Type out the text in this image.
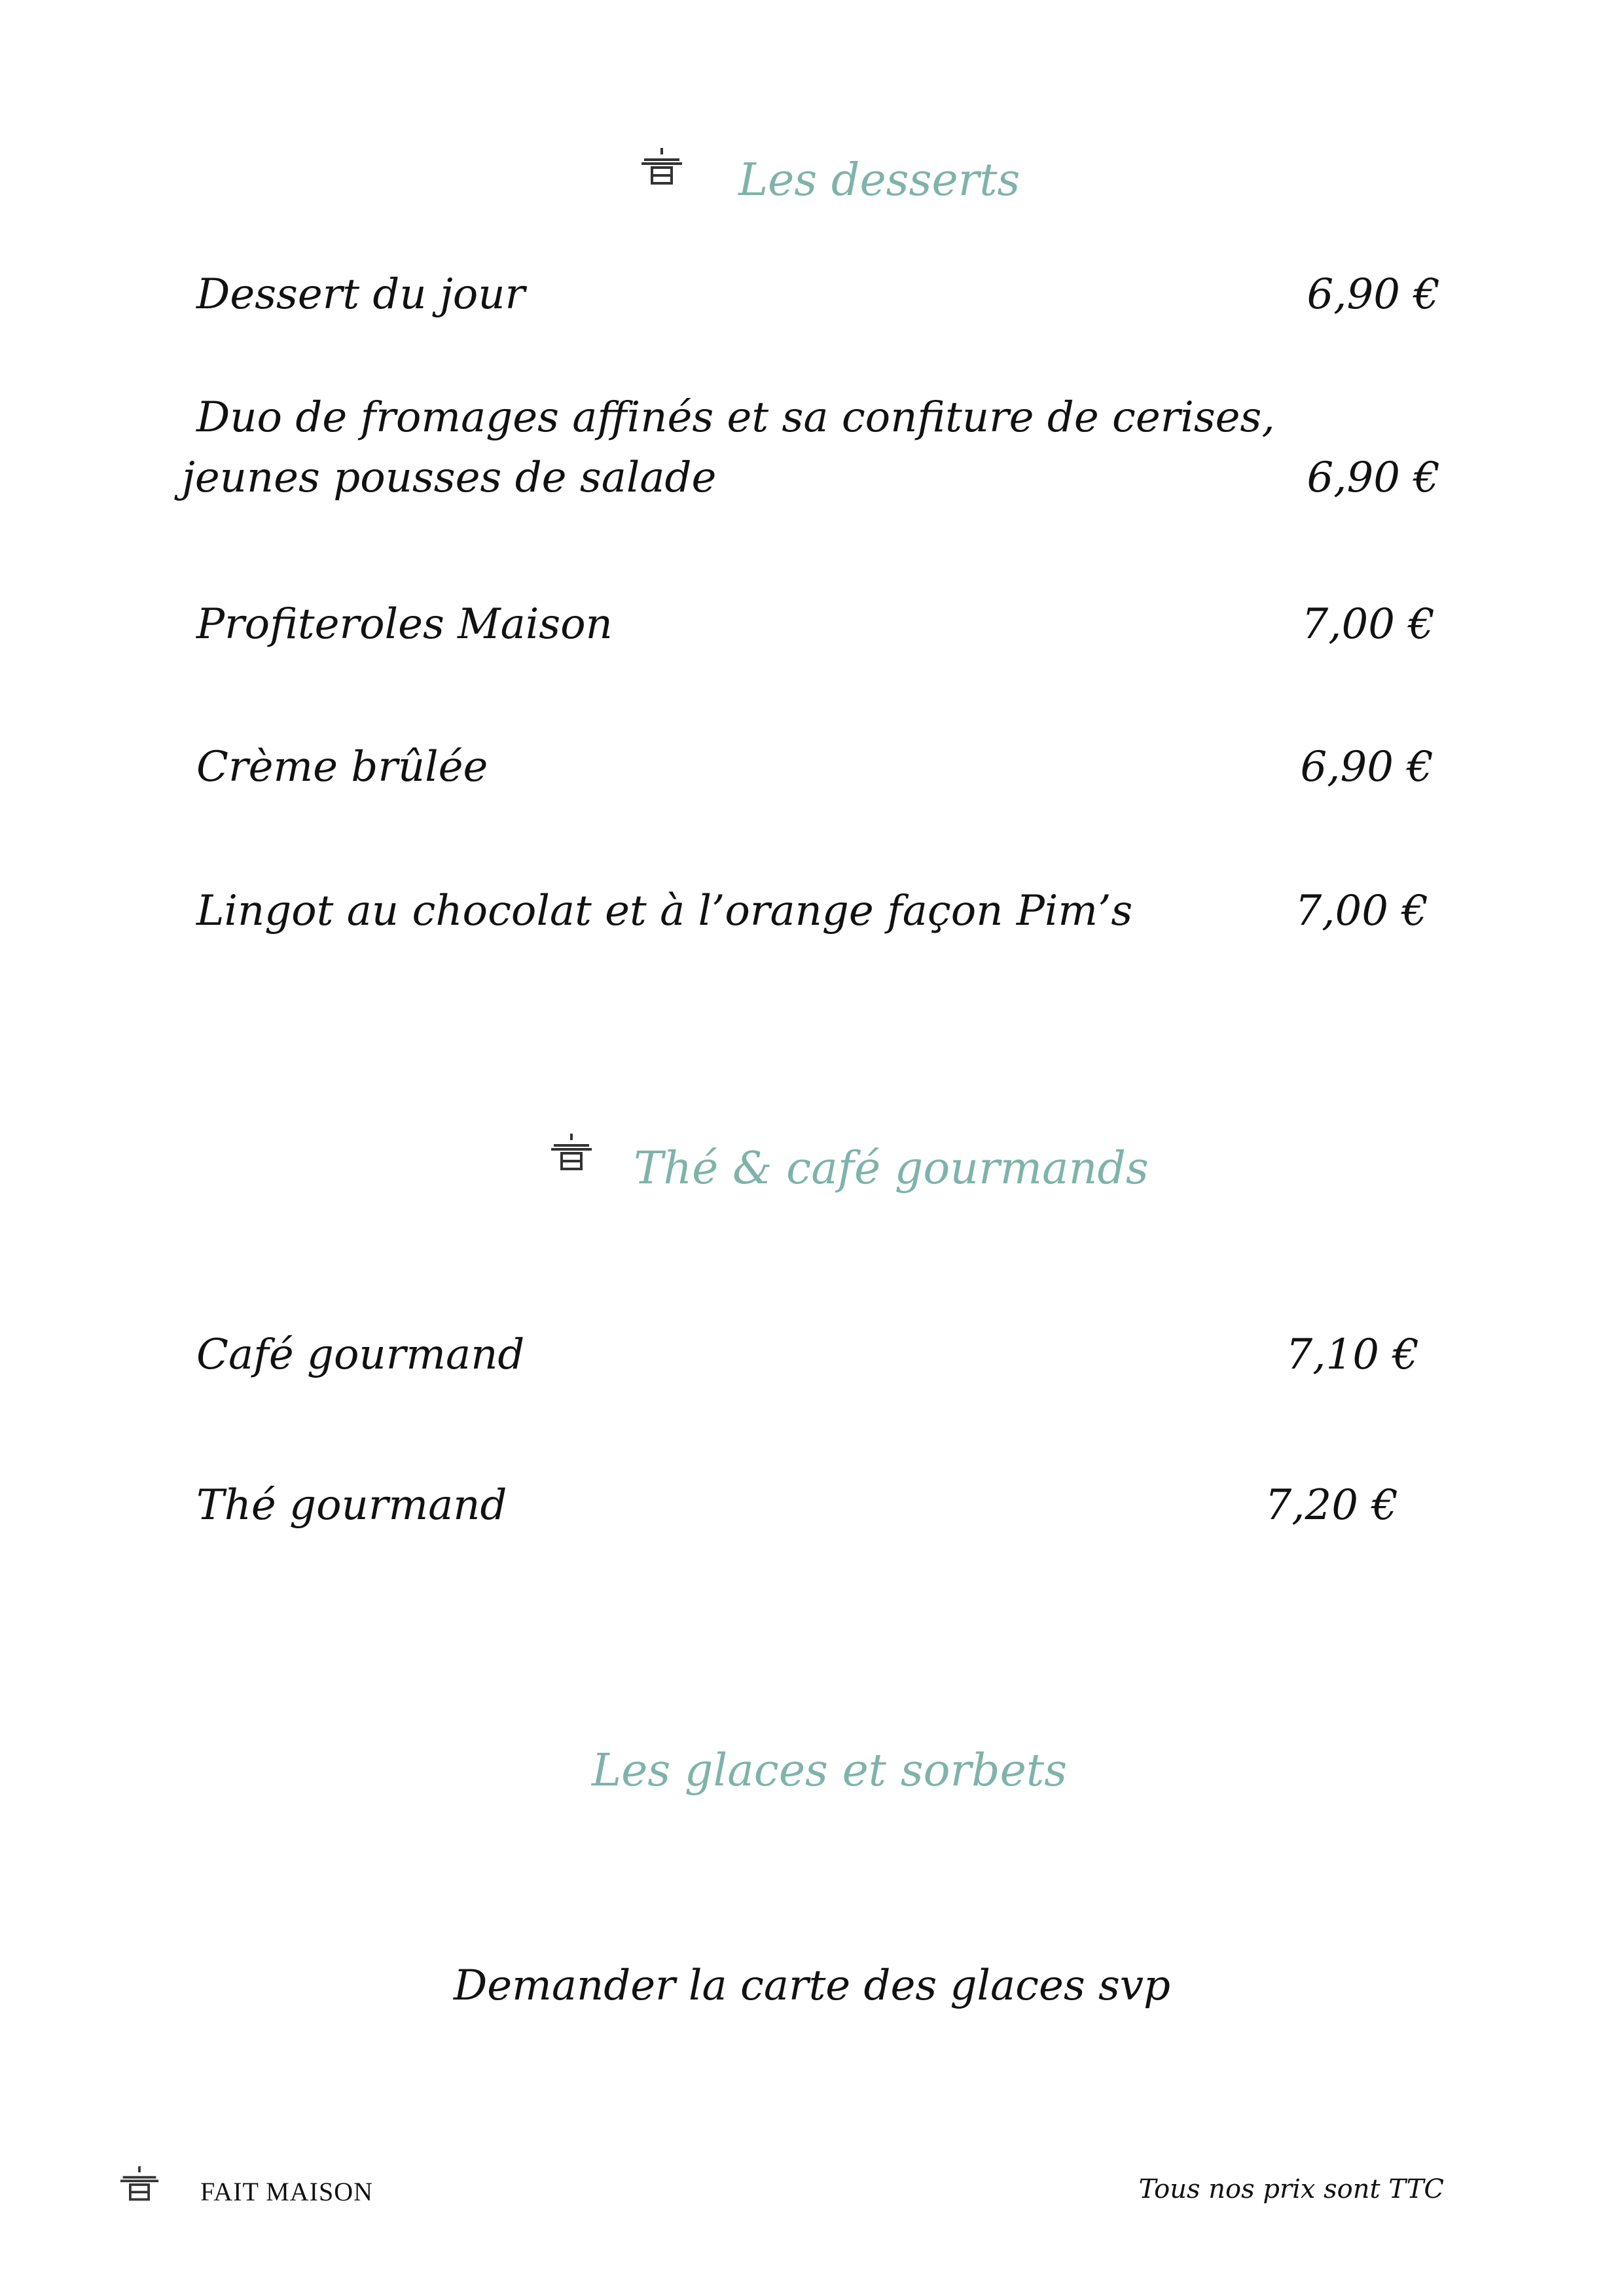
Les desserts
Dessert du jour	6,90 €
Duo de fromages affinés et sa confiture de cerises,
jeunes pousses de salade	6,90 €
Profiteroles Maison	7,00 €
Crème brûlée	6,90 €
Lingot au chocolat et à l’orange façon Pim’s	7,00 €
Thé & café gourmands
Café gourmand	7,10 €
Thé gourmand	7,20 €
Les glaces et sorbets
Demander la carte des glaces svp
FAIT MAISON	Tous nos prix sont TTC
